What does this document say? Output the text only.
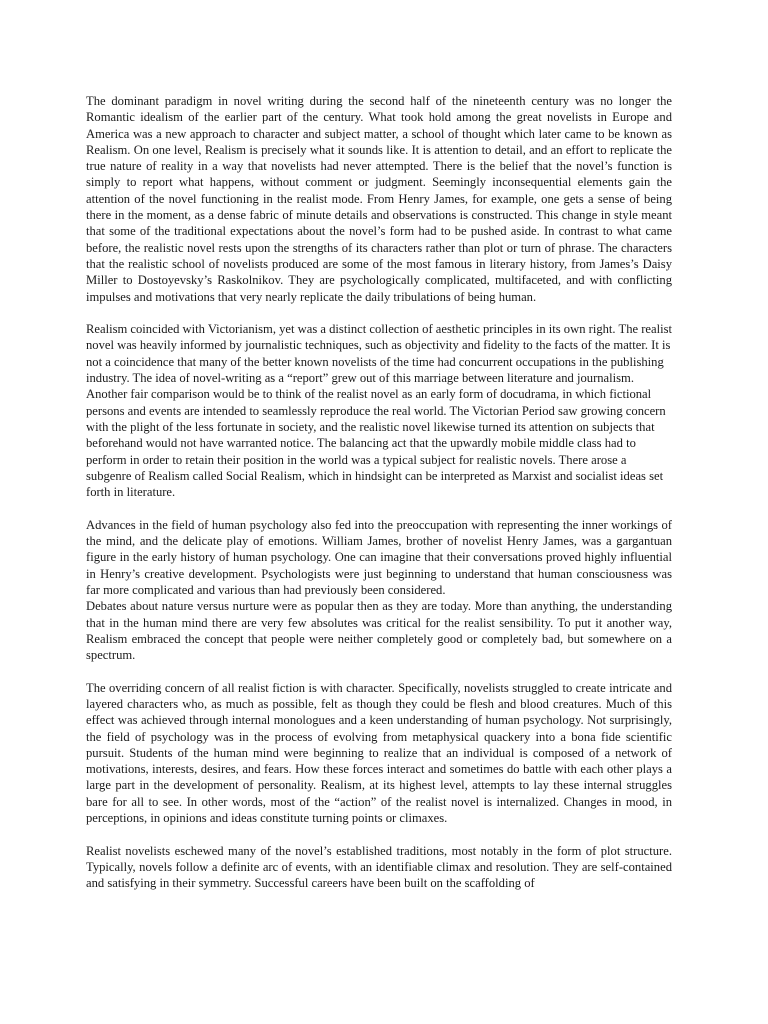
The dominant paradigm in novel writing during the second half of the nineteenth century was no longer the Romantic idealism of the earlier part of the century. What took hold among the great novelists in Europe and America was a new approach to character and subject matter, a school of thought which later came to be known as Realism. On one level, Realism is precisely what it sounds like. It is attention to detail, and an effort to replicate the true nature of reality in a way that novelists had never attempted. There is the belief that the novel’s function is simply to report what happens, without comment or judgment. Seemingly inconsequential elements gain the attention of the novel functioning in the realist mode. From Henry James, for example, one gets a sense of being there in the moment, as a dense fabric of minute details and observations is constructed. This change in style meant that some of the traditional expectations about the novel’s form had to be pushed aside. In contrast to what came before, the realistic novel rests upon the strengths of its characters rather than plot or turn of phrase. The characters that the realistic school of novelists produced are some of the most famous in literary history, from James’s Daisy Miller to Dostoyevsky’s Raskolnikov. They are psychologically complicated, multifaceted, and with conflicting impulses and motivations that very nearly replicate the daily tribulations of being human.

Realism coincided with Victorianism, yet was a distinct collection of aesthetic principles in its own right. The realist novel was heavily informed by journalistic techniques, such as objectivity and fidelity to the facts of the matter. It is not a coincidence that many of the better known novelists of the time had concurrent occupations in the publishing industry. The idea of novel-writing as a “report” grew out of this marriage between literature and journalism. Another fair comparison would be to think of the realist novel as an early form of docudrama, in which fictional persons and events are intended to seamlessly reproduce the real world. The Victorian Period saw growing concern with the plight of the less fortunate in society, and the realistic novel likewise turned its attention on subjects that beforehand would not have warranted notice. The balancing act that the upwardly mobile middle class had to perform in order to retain their position in the world was a typical subject for realistic novels. There arose a subgenre of Realism called Social Realism, which in hindsight can be interpreted as Marxist and socialist ideas set forth in literature.

Advances in the field of human psychology also fed into the preoccupation with representing the inner workings of the mind, and the delicate play of emotions. William James, brother of novelist Henry James, was a gargantuan figure in the early history of human psychology. One can imagine that their conversations proved highly influential in Henry’s creative development. Psychologists were just beginning to understand that human consciousness was far more complicated and various than had previously been considered.

Debates about nature versus nurture were as popular then as they are today. More than anything, the understanding that in the human mind there are very few absolutes was critical for the realist sensibility. To put it another way, Realism embraced the concept that people were neither completely good or completely bad, but somewhere on a spectrum.

The overriding concern of all realist fiction is with character. Specifically, novelists struggled to create intricate and layered characters who, as much as possible, felt as though they could be flesh and blood creatures. Much of this effect was achieved through internal monologues and a keen understanding of human psychology. Not surprisingly, the field of psychology was in the process of evolving from metaphysical quackery into a bona fide scientific pursuit. Students of the human mind were beginning to realize that an individual is composed of a network of motivations, interests, desires, and fears. How these forces interact and sometimes do battle with each other plays a large part in the development of personality. Realism, at its highest level, attempts to lay these internal struggles bare for all to see. In other words, most of the “action” of the realist novel is internalized. Changes in mood, in perceptions, in opinions and ideas constitute turning points or climaxes.

Realist novelists eschewed many of the novel’s established traditions, most notably in the form of plot structure. Typically, novels follow a definite arc of events, with an identifiable climax and resolution. They are self-contained and satisfying in their symmetry. Successful careers have been built on the scaffolding of
